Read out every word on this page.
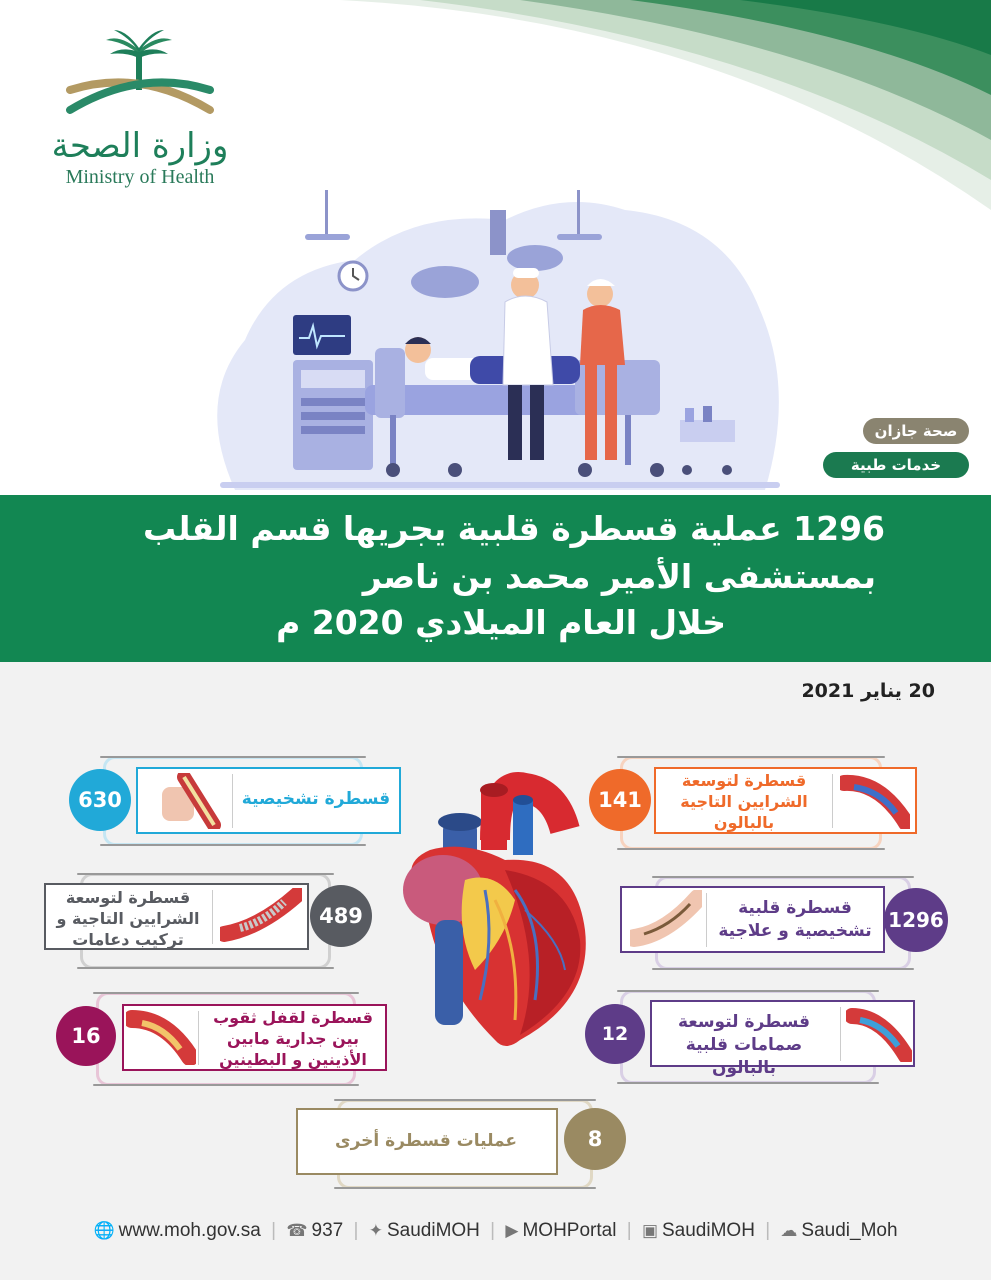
وزارة الصحة
Ministry of Health
صحة جازان
خدمات طبية
1296 عملية قسطرة قلبية يجريها قسم القلب
بمستشفى الأمير محمد بن ناصر
خلال العام الميلادي 2020 م
20 يناير 2021
قسطرة تشخيصية
630
قسطرة لتوسعة الشرايين التاجية بالبالون
141
قسطرة لتوسعة الشرايين التاجية و تركيب دعامات
489	قسطرة قلبية تشخيصية و علاجية 1296
قسطرة لقفل ثقوب بين جدارية مابين الأذينين و البطينين
16
قسطرة لتوسعة صمامات قلبية بالبالون
12
عمليات قسطرة أخرى	8
🌐 www.moh.gov.sa | ☎ 937 | ✦ SaudiMOH | ▶ MOHPortal | ▣ SaudiMOH | ☁ Saudi_Moh
